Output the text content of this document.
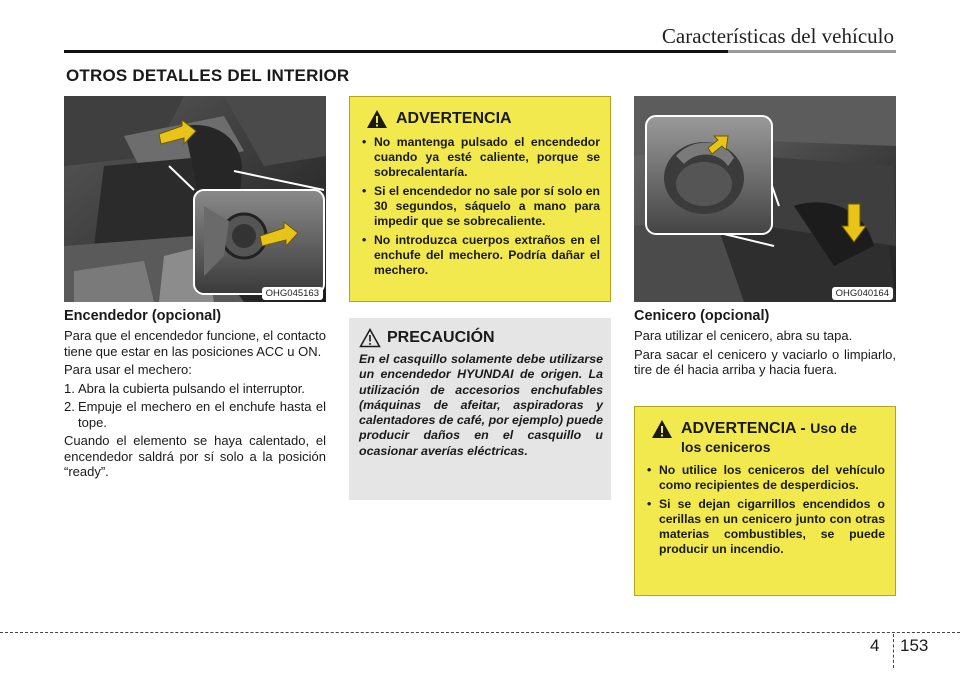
Características del vehículo
OTROS DETALLES DEL INTERIOR
OHG045163
Encendedor (opcional)

Para que el encendedor funcione, el contacto tiene que estar en las posiciones ACC u ON.

Para usar el mechero:

1. Abra la cubierta pulsando el interruptor.
2. Empuje el mechero en el enchufe hasta el tope.

Cuando el elemento se haya calentado, el encendedor saldrá por sí solo a la posición “ready”.

ADVERTENCIA
• No mantenga pulsado el encendedor cuando ya esté caliente, porque se sobrecalentaría.
• Si el encendedor no sale por sí solo en 30 segundos, sáquelo a mano para impedir que se sobrecaliente.
• No introduzca cuerpos extraños en el enchufe del mechero. Podría dañar el mechero.
PRECAUCIÓN
En el casquillo solamente debe utilizarse un encendedor HYUNDAI de origen. La utilización de accesorios enchufables (máquinas de afeitar, aspiradoras y calentadores de café, por ejemplo) puede producir daños en el casquillo u ocasionar averías eléctricas.
OHG040164
Cenicero (opcional)

Para utilizar el cenicero, abra su tapa.

Para sacar el cenicero y vaciarlo o limpiarlo, tire de él hacia arriba y hacia fuera.

ADVERTENCIA - Uso de
los ceniceros
• No utilice los ceniceros del vehículo como recipientes de desperdicios.
• Si se dejan cigarrillos encendidos o cerillas en un cenicero junto con otras materias combustibles, se puede producir un incendio.
4 153
